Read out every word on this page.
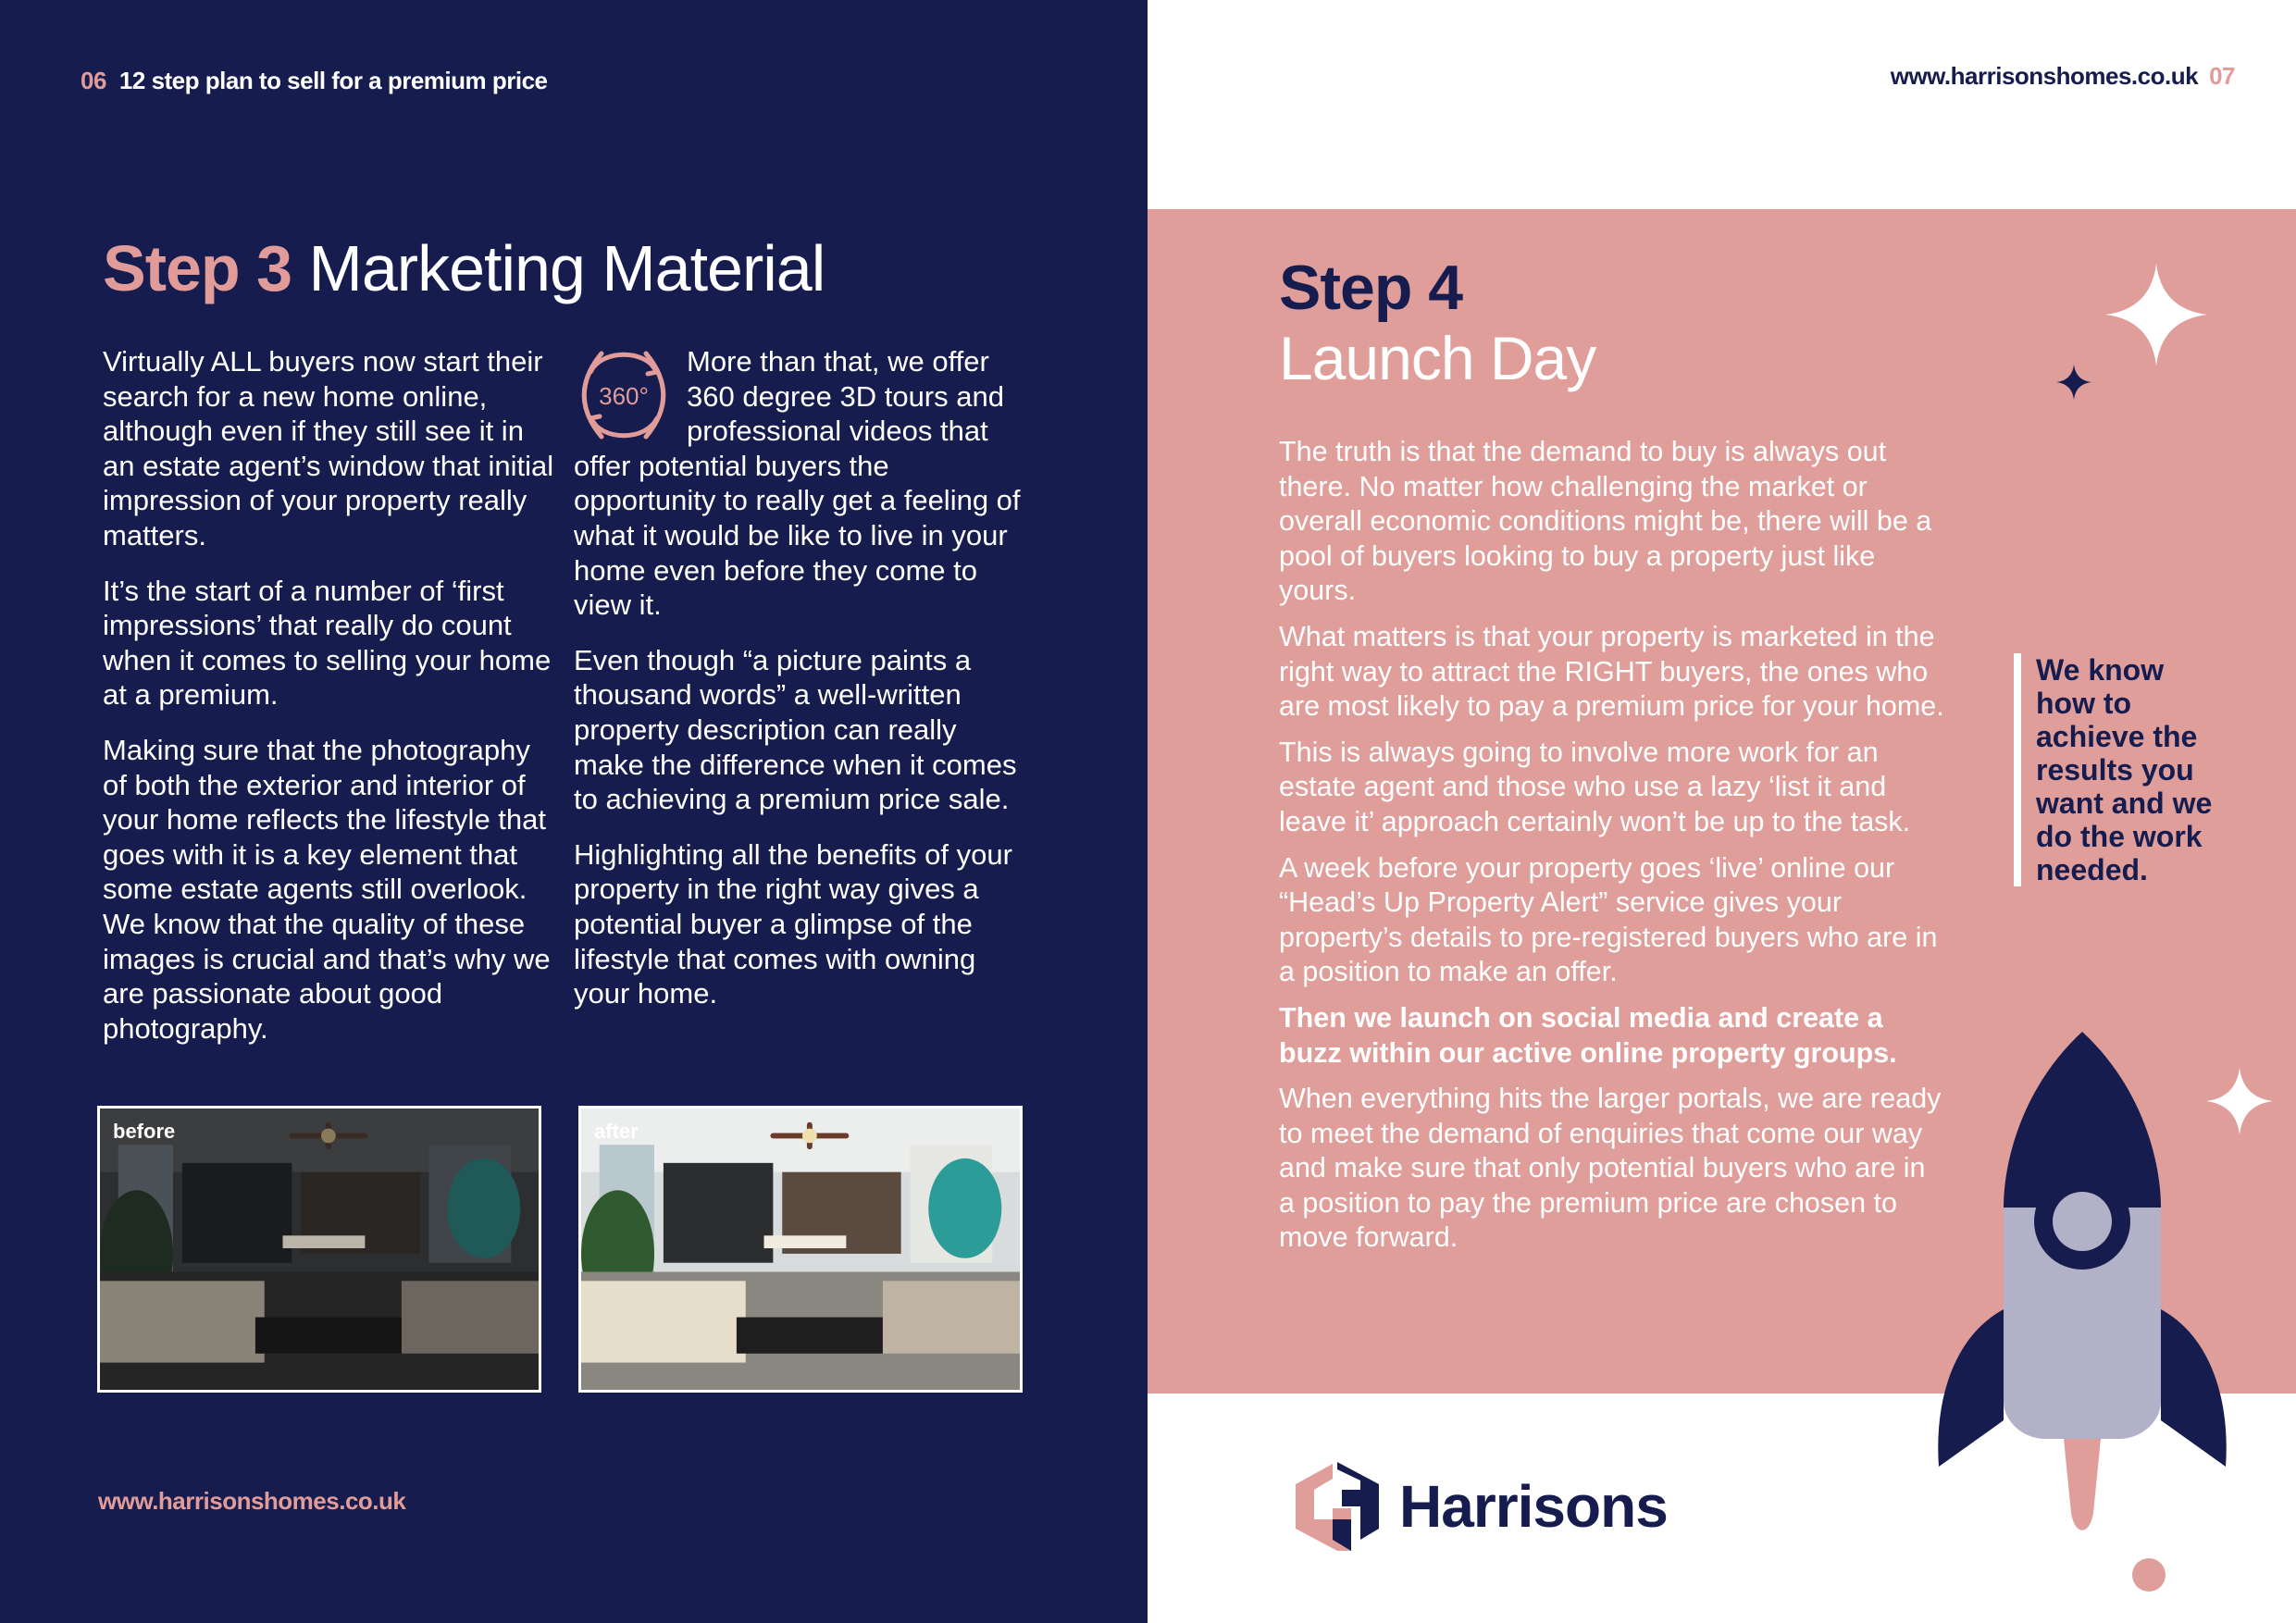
06 12 step plan to sell for a premium price
Step 3 Marketing Material

Virtually ALL buyers now start their search for a new home online, although even if they still see it in an estate agent’s window that initial impression of your property really matters.

It’s the start of a number of ‘first impressions’ that really do count when it comes to selling your home at a premium.

Making sure that the photography of both the exterior and interior of your home reflects the lifestyle that goes with it is a key element that some estate agents still overlook. We know that the quality of these images is crucial and that’s why we are passionate about good photography.

360°

More than that, we offer 360 degree 3D tours and professional videos that offer potential buyers the opportunity to really get a feeling of what it would be like to live in your home even before they come to view it.

Even though “a picture paints a thousand words” a well-written property description can really make the difference when it comes to achieving a premium price sale.

Highlighting all the benefits of your property in the right way gives a potential buyer a glimpse of the lifestyle that comes with owning your home.

before	after
www.harrisonshomes.co.uk
www.harrisonshomes.co.uk 07
Step 4
Launch Day

The truth is that the demand to buy is always out there. No matter how challenging the market or overall economic conditions might be, there will be a pool of buyers looking to buy a property just like yours.

What matters is that your property is marketed in the right way to attract the RIGHT buyers, the ones who are most likely to pay a premium price for your home.

This is always going to involve more work for an estate agent and those who use a lazy ‘list it and leave it’ approach certainly won’t be up to the task.

A week before your property goes ‘live’ online our “Head’s Up Property Alert” service gives your property’s details to pre-registered buyers who are in a position to make an offer.

Then we launch on social media and create a buzz within our active online property groups.

When everything hits the larger portals, we are ready to meet the demand of enquiries that come our way and make sure that only potential buyers who are in a position to pay the premium price are chosen to move forward.

We know how to achieve the results you want and we do the work needed.
Harrisons
